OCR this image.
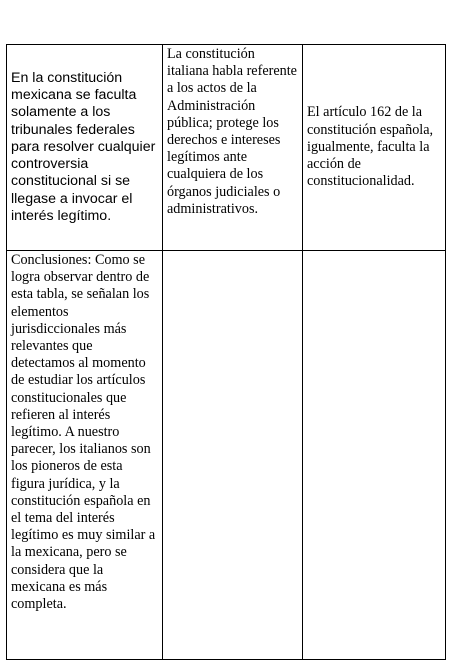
En la constitución mexicana se faculta solamente a los tribunales federales para resolver cualquier controversia constitucional si se llegase a invocar el interés legítimo.	La constitución italiana habla referente a los actos de la Administración pública; protege los derechos e intereses legítimos ante cualquiera de los órganos judiciales o administrativos.	El artículo 162 de la constitución española, igualmente, faculta la acción de constitucionalidad.
Conclusiones: Como se logra observar dentro de esta tabla, se señalan los elementos jurisdiccionales más relevantes que detectamos al momento de estudiar los artículos constitucionales que refieren al interés legítimo. A nuestro parecer, los italianos son los pioneros de esta figura jurídica, y la constitución española en el tema del interés legítimo es muy similar a la mexicana, pero se considera que la mexicana es más completa.		
